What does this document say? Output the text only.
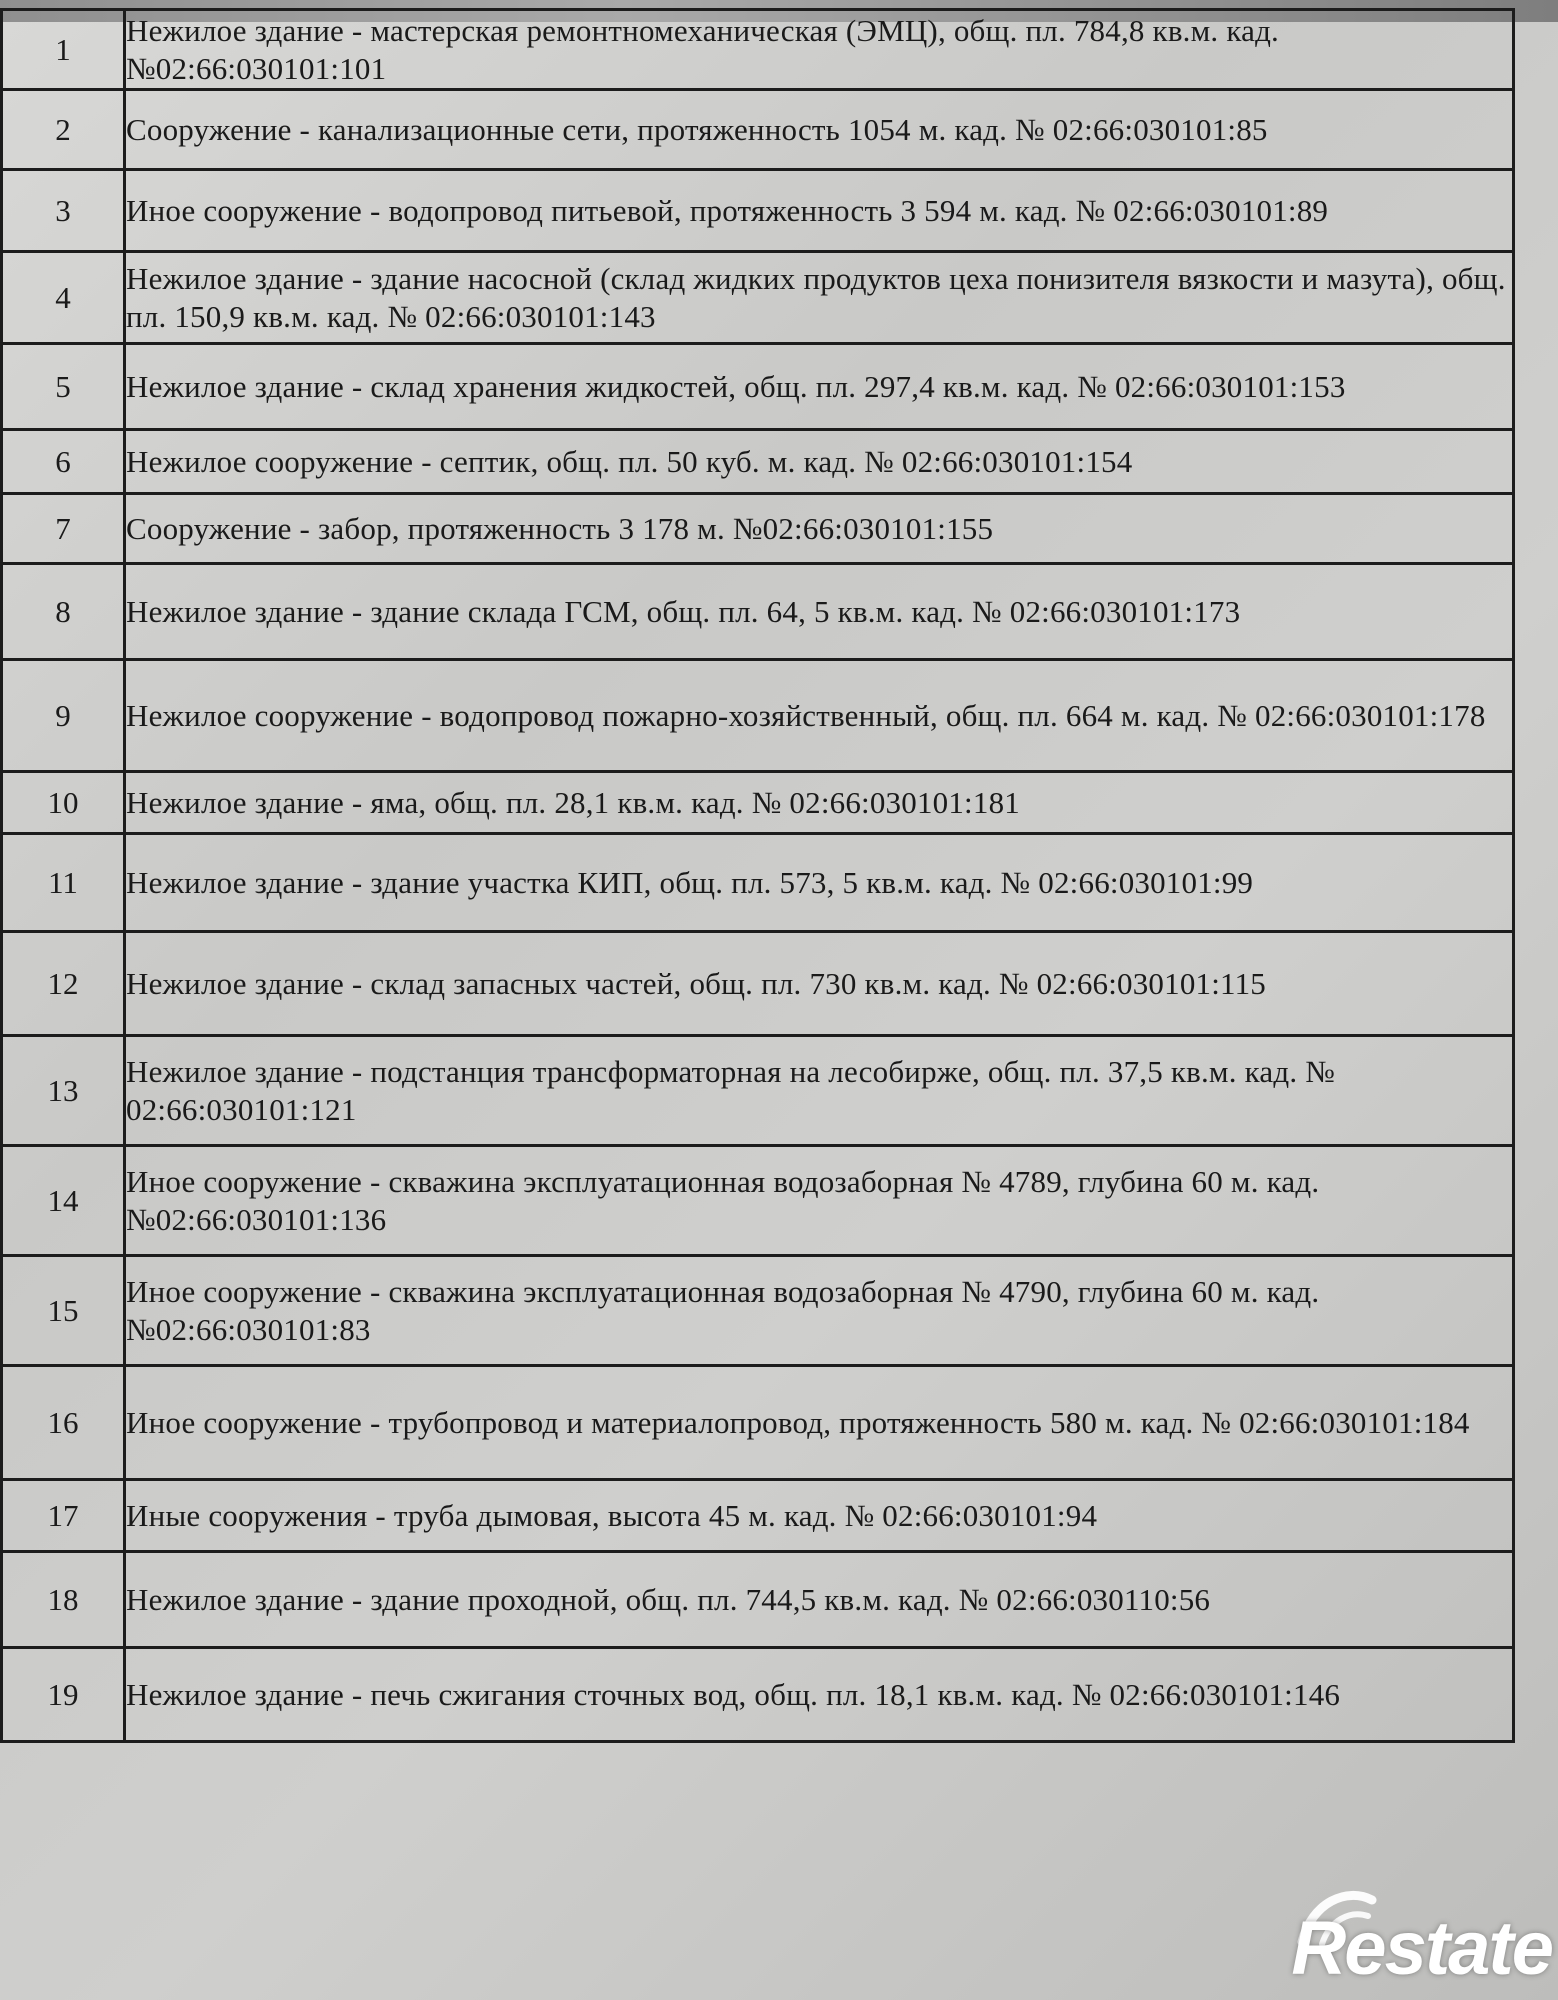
1	Нежилое здание - мастерская ремонтномеханическая (ЭМЦ), общ. пл. 784,8 кв.м. кад. №02:66:030101:101
2	Сооружение - канализационные сети, протяженность 1054 м. кад. № 02:66:030101:85
3	Иное сооружение - водопровод питьевой, протяженность 3 594 м. кад. № 02:66:030101:89
4	Нежилое здание - здание насосной (склад жидких продуктов цеха понизителя вязкости и мазута), общ. пл. 150,9 кв.м. кад. № 02:66:030101:143
5	Нежилое здание - склад хранения жидкостей, общ. пл. 297,4 кв.м. кад. № 02:66:030101:153
6	Нежилое сооружение - септик, общ. пл. 50 куб. м. кад. № 02:66:030101:154
7	Сооружение - забор, протяженность 3 178 м. №02:66:030101:155
8	Нежилое здание - здание склада ГСМ, общ. пл. 64, 5 кв.м. кад. № 02:66:030101:173
9	Нежилое сооружение - водопровод пожарно-хозяйственный, общ. пл. 664 м. кад. № 02:66:030101:178
10	Нежилое здание - яма, общ. пл. 28,1 кв.м. кад. № 02:66:030101:181
11	Нежилое здание - здание участка КИП, общ. пл. 573, 5 кв.м. кад. № 02:66:030101:99
12	Нежилое здание - склад запасных частей, общ. пл. 730 кв.м. кад. № 02:66:030101:115
13	Нежилое здание - подстанция трансформаторная на лесобирже, общ. пл. 37,5 кв.м. кад. № 02:66:030101:121
14	Иное сооружение - скважина эксплуатационная водозаборная № 4789, глубина 60 м. кад. №02:66:030101:136
15	Иное сооружение - скважина эксплуатационная водозаборная № 4790, глубина 60 м. кад. №02:66:030101:83
16	Иное сооружение - трубопровод и материалопровод, протяженность 580 м. кад. № 02:66:030101:184
17	Иные сооружения - труба дымовая, высота 45 м. кад. № 02:66:030101:94
18	Нежилое здание - здание проходной, общ. пл. 744,5 кв.м. кад. № 02:66:030110:56
19	Нежилое здание - печь сжигания сточных вод, общ. пл. 18,1 кв.м. кад. № 02:66:030101:146
Restate
